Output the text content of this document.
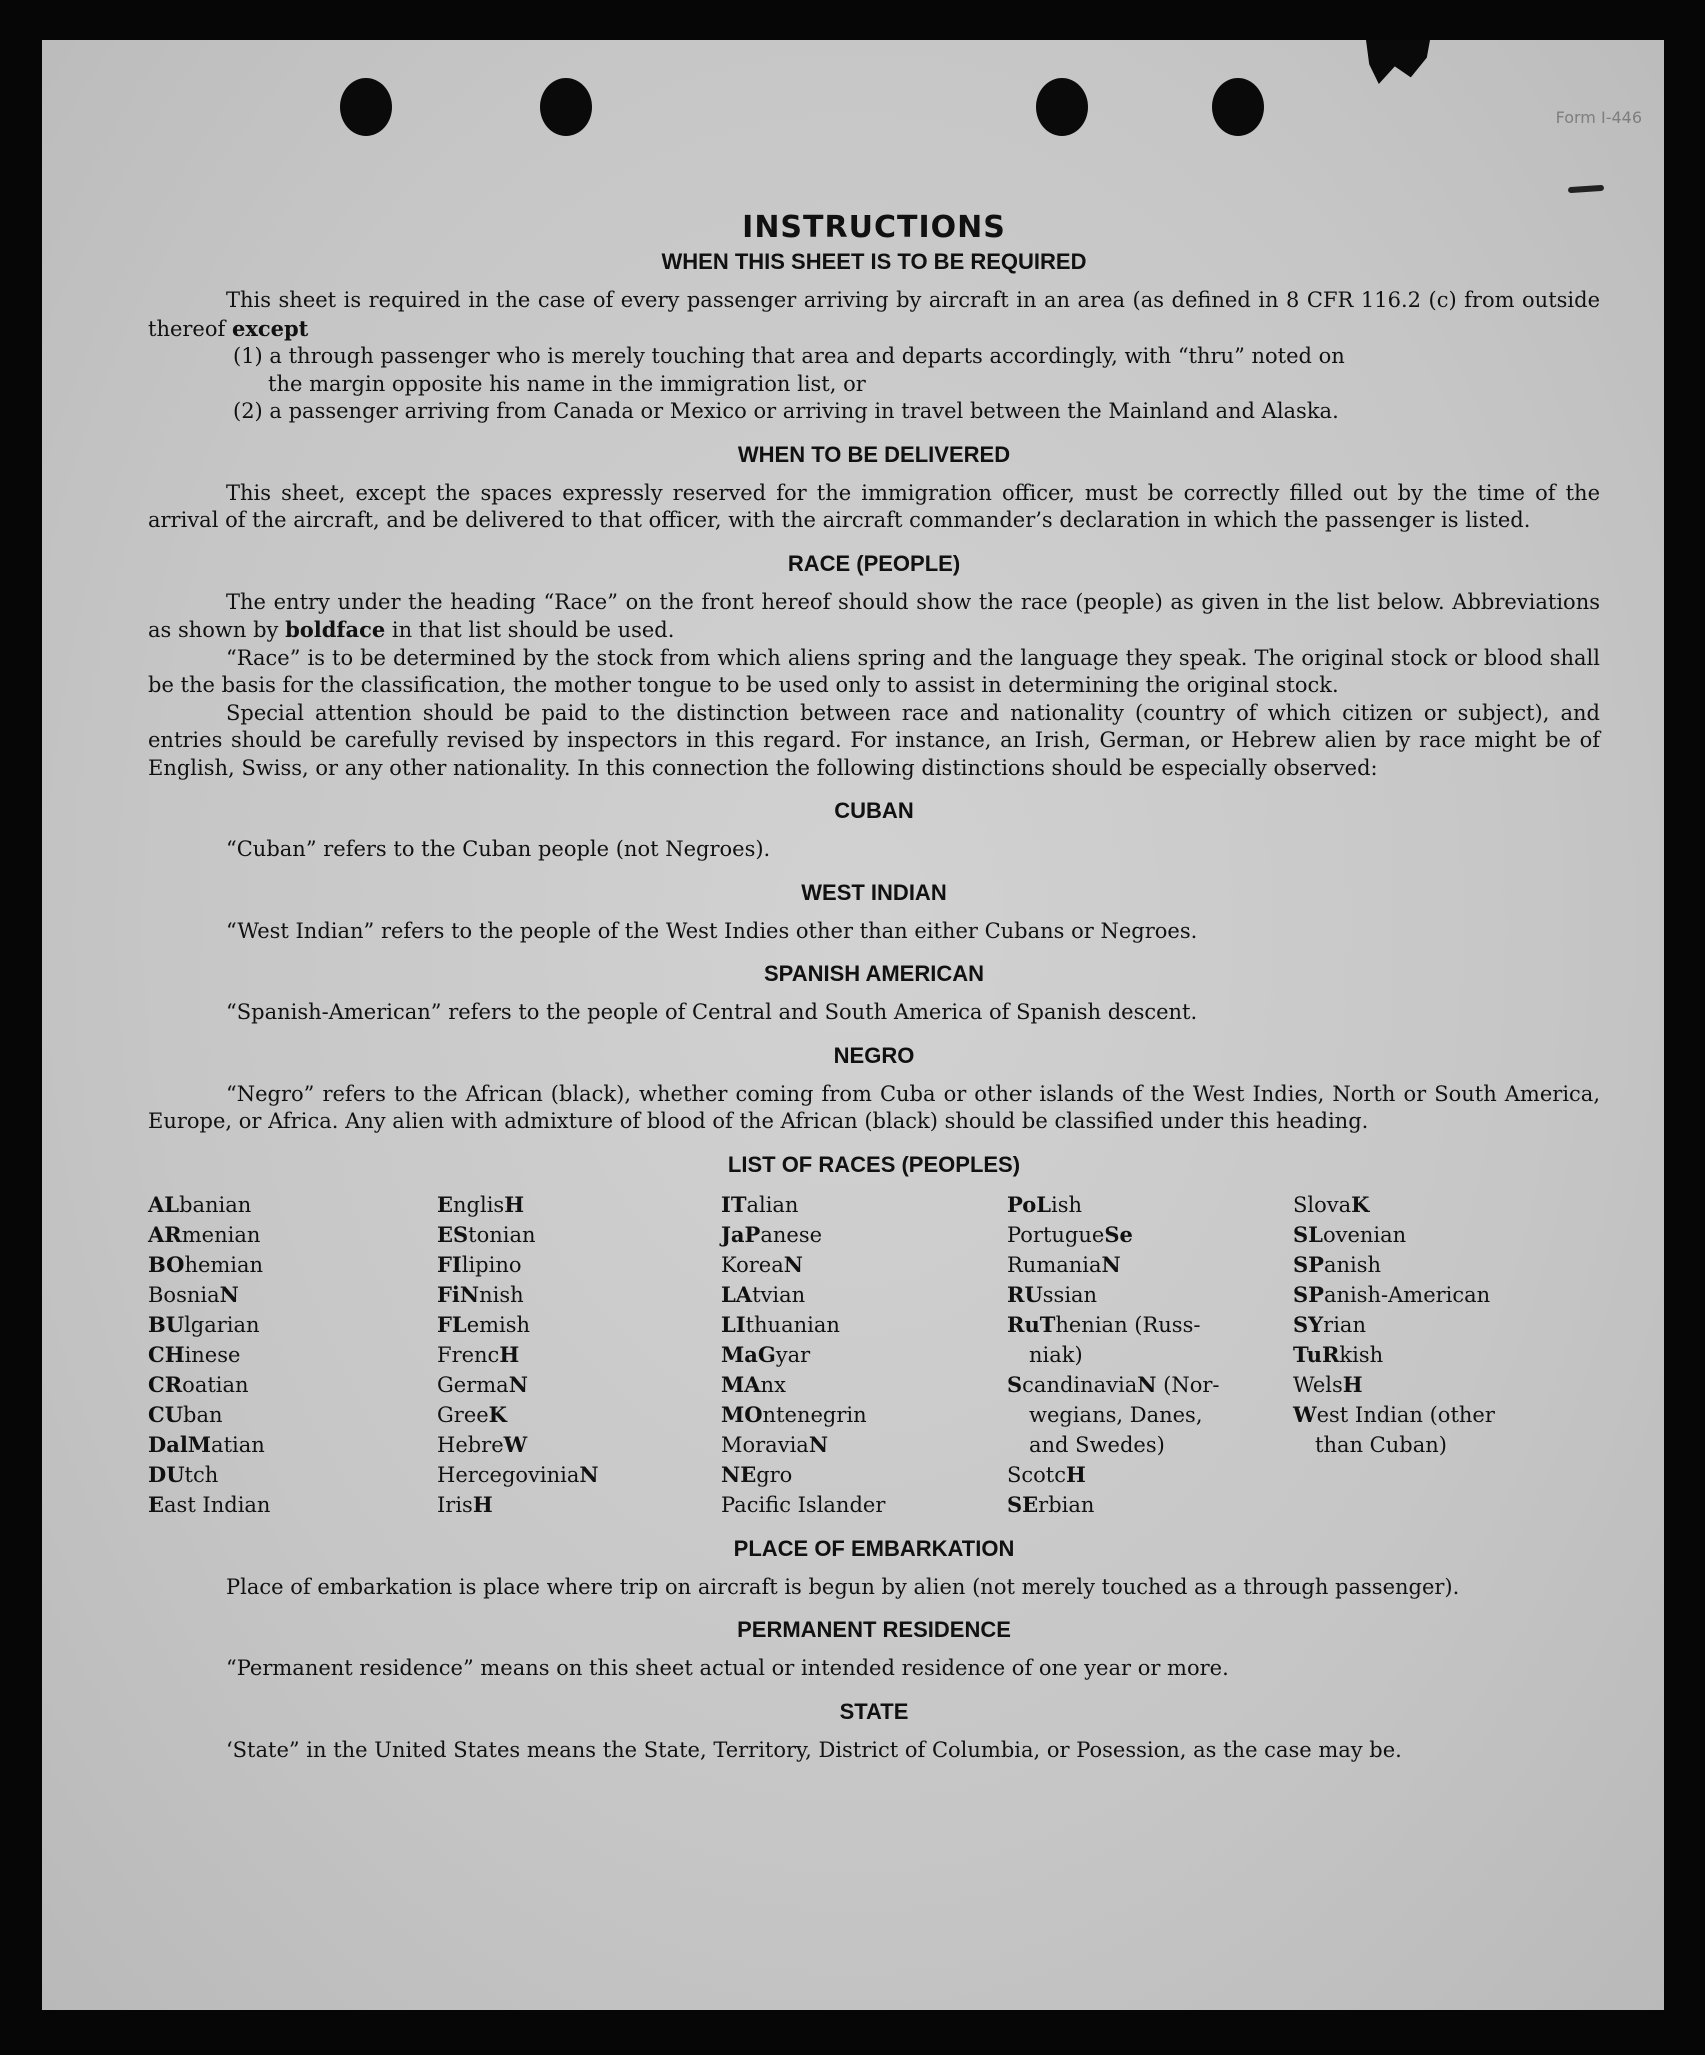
Form I-446
INSTRUCTIONS
WHEN THIS SHEET IS TO BE REQUIRED

This sheet is required in the case of every passenger arriving by aircraft in an area (as defined in 8 CFR 116.2 (c) from outside thereof except

(1) a through passenger who is merely touching that area and departs accordingly, with “thru” noted on

the margin opposite his name in the immigration list, or

(2) a passenger arriving from Canada or Mexico or arriving in travel between the Mainland and Alaska.

WHEN TO BE DELIVERED

This sheet, except the spaces expressly reserved for the immigration officer, must be correctly filled out by the time of the arrival of the aircraft, and be delivered to that officer, with the aircraft commander’s declaration in which the passenger is listed.

RACE (PEOPLE)

The entry under the heading “Race” on the front hereof should show the race (people) as given in the list below. Abbreviations as shown by boldface in that list should be used.

“Race” is to be determined by the stock from which aliens spring and the language they speak. The original stock or blood shall be the basis for the classification, the mother tongue to be used only to assist in determining the original stock.

Special attention should be paid to the distinction between race and nationality (country of which citizen or subject), and entries should be carefully revised by inspectors in this regard. For instance, an Irish, German, or Hebrew alien by race might be of English, Swiss, or any other nationality. In this connection the following distinctions should be especially observed:

CUBAN

“Cuban” refers to the Cuban people (not Negroes).

WEST INDIAN

“West Indian” refers to the people of the West Indies other than either Cubans or Negroes.

SPANISH AMERICAN

“Spanish-American” refers to the people of Central and South America of Spanish descent.

NEGRO

“Negro” refers to the African (black), whether coming from Cuba or other islands of the West Indies, North or South America, Europe, or Africa. Any alien with admixture of blood of the African (black) should be classified under this heading.

LIST OF RACES (PEOPLES)
ALbanian
ARmenian
BOhemian
BosniaN
BUlgarian
CHinese
CRoatian
CUban
DalMatian
DUtch
East Indian
EnglisH
EStonian
FIlipino
FiNnish
FLemish
FrencH
GermaN
GreeK
HebreW
HercegoviniaN
IrisH
ITalian
JaPanese
KoreaN
LAtvian
LIthuanian
MaGyar
MAnx
MOntenegrin
MoraviaN
NEgro
Pacific Islander
PoLish
PortugueSe
RumaniaN
RUssian
RuThenian (Russ-
niak)
ScandinaviaN (Nor-
wegians, Danes,
and Swedes)
ScotcH
SErbian
SlovaK
SLovenian
SPanish
SPanish-American
SYrian
TuRkish
WelsH
West Indian (other
than Cuban)
PLACE OF EMBARKATION

Place of embarkation is place where trip on aircraft is begun by alien (not merely touched as a through passenger).

PERMANENT RESIDENCE

“Permanent residence” means on this sheet actual or intended residence of one year or more.

STATE

‘State” in the United States means the State, Territory, District of Columbia, or Posession, as the case may be.
